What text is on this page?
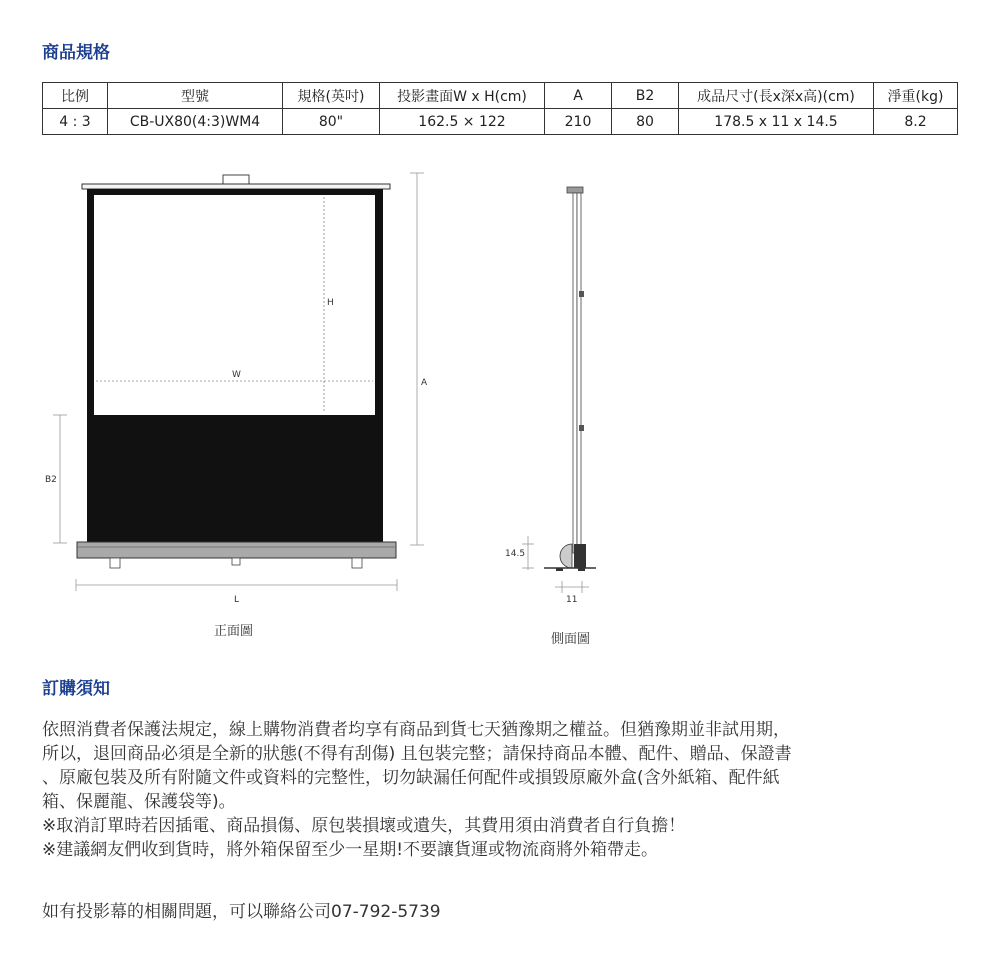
商品規格
比例	型號	規格(英吋)	投影畫面W x H(cm)	A	B2	成品尺寸(長x深x高)(cm)	淨重(kg)
4 : 3	CB-UX80(4:3)WM4	80"	162.5 × 122	210	80	178.5 x 11 x 14.5	8.2
H
W
A
B2
L
正面圖
14.5
11
側面圖
訂購須知

依照消費者保護法規定，線上購物消費者均享有商品到貨七天猶豫期之權益。但猶豫期並非試用期，

所以，退回商品必須是全新的狀態(不得有刮傷) 且包裝完整；請保持商品本體、配件、贈品、保證書

、原廠包裝及所有附隨文件或資料的完整性，切勿缺漏任何配件或損毀原廠外盒(含外紙箱、配件紙

箱、保麗龍、保護袋等)。

※取消訂單時若因插電、商品損傷、原包裝損壞或遺失，其費用須由消費者自行負擔！

※建議網友們收到貨時，將外箱保留至少一星期!不要讓貨運或物流商將外箱帶走。

如有投影幕的相關問題，可以聯絡公司07-792-5739
